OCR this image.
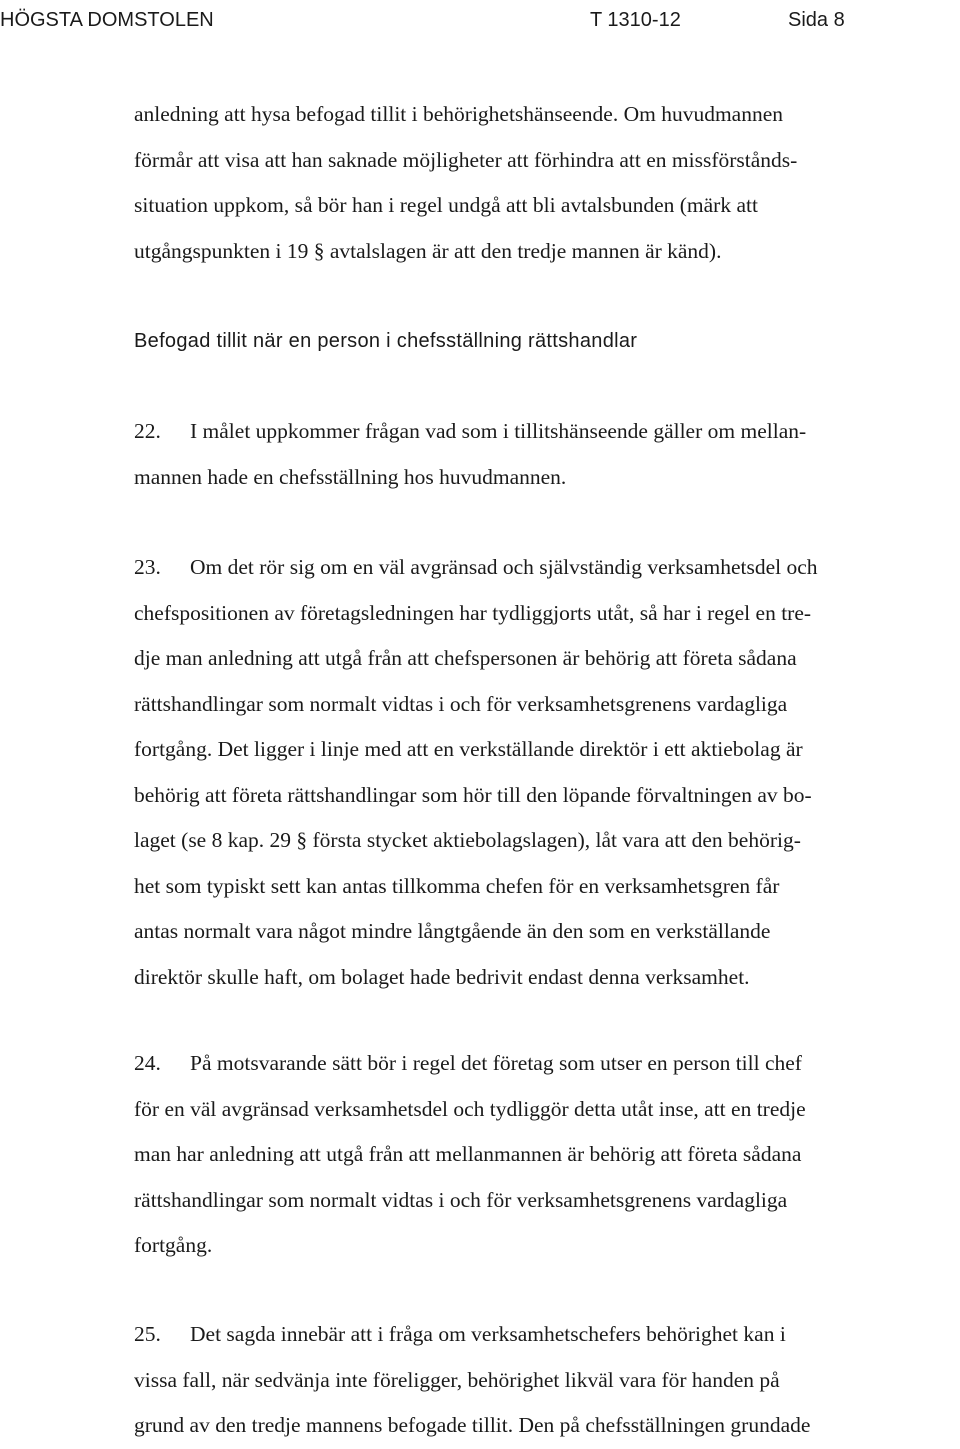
HÖGSTA DOMSTOLEN	T 1310-12	Sida 8

anledning att hysa befogad tillit i behörighetshänseende. Om huvudmannen
förmår att visa att han saknade möjligheter att förhindra att en missförstånds-
situation uppkom, så bör han i regel undgå att bli avtalsbunden (märk att
utgångspunkten i 19 § avtalslagen är att den tredje mannen är känd).

Befogad tillit när en person i chefsställning rättshandlar

22. I målet uppkommer frågan vad som i tillitshänseende gäller om mellan-
mannen hade en chefsställning hos huvudmannen.

23. Om det rör sig om en väl avgränsad och självständig verksamhetsdel och
chefspositionen av företagsledningen har tydliggjorts utåt, så har i regel en tre-
dje man anledning att utgå från att chefspersonen är behörig att företa sådana
rättshandlingar som normalt vidtas i och för verksamhetsgrenens vardagliga
fortgång. Det ligger i linje med att en verkställande direktör i ett aktiebolag är
behörig att företa rättshandlingar som hör till den löpande förvaltningen av bo-
laget (se 8 kap. 29 § första stycket aktiebolagslagen), låt vara att den behörig-
het som typiskt sett kan antas tillkomma chefen för en verksamhetsgren får
antas normalt vara något mindre långtgående än den som en verkställande
direktör skulle haft, om bolaget hade bedrivit endast denna verksamhet.

24. På motsvarande sätt bör i regel det företag som utser en person till chef
för en väl avgränsad verksamhetsdel och tydliggör detta utåt inse, att en tredje
man har anledning att utgå från att mellanmannen är behörig att företa sådana
rättshandlingar som normalt vidtas i och för verksamhetsgrenens vardagliga
fortgång.

25. Det sagda innebär att i fråga om verksamhetschefers behörighet kan i
vissa fall, när sedvänja inte föreligger, behörighet likväl vara för handen på
grund av den tredje mannens befogade tillit. Den på chefsställningen grundade
